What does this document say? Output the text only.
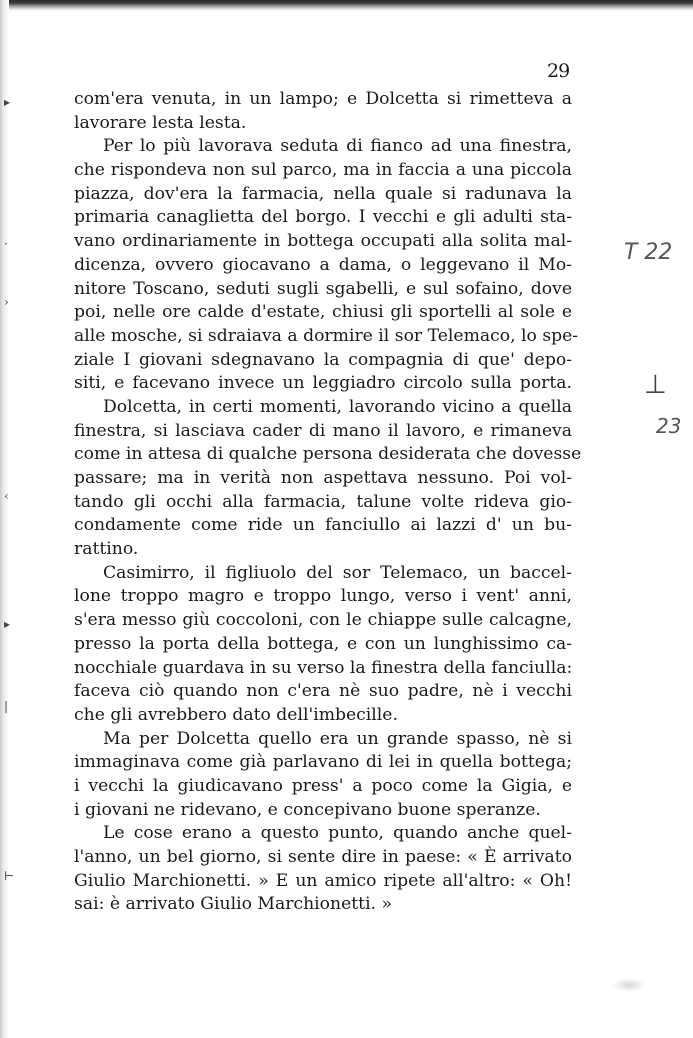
▸
·
›
‹
▸
|
⊢
29
com'era venuta, in un lampo; e Dolcetta si rimetteva a
lavorare lesta lesta.
Per lo più lavorava seduta di fianco ad una finestra,
che rispondeva non sul parco, ma in faccia a una piccola
piazza, dov'era la farmacia, nella quale si radunava la
primaria canaglietta del borgo. I vecchi e gli adulti sta-
vano ordinariamente in bottega occupati alla solita mal-
dicenza, ovvero giocavano a dama, o leggevano il Mo-
nitore Toscano, seduti sugli sgabelli, e sul sofaino, dove
poi, nelle ore calde d'estate, chiusi gli sportelli al sole e
alle mosche, si sdraiava a dormire il sor Telemaco, lo spe-
ziale I giovani sdegnavano la compagnia di que' depo-
siti, e facevano invece un leggiadro circolo sulla porta.
Dolcetta, in certi momenti, lavorando vicino a quella
finestra, si lasciava cader di mano il lavoro, e rimaneva
come in attesa di qualche persona desiderata che dovesse
passare; ma in verità non aspettava nessuno. Poi vol-
tando gli occhi alla farmacia, talune volte rideva gio-
condamente come ride un fanciullo ai lazzi d' un bu-
rattino.
Casimirro, il figliuolo del sor Telemaco, un baccel-
lone troppo magro e troppo lungo, verso i vent' anni,
s'era messo giù coccoloni, con le chiappe sulle calcagne,
presso la porta della bottega, e con un lunghissimo ca-
nocchiale guardava in su verso la finestra della fanciulla:
faceva ciò quando non c'era nè suo padre, nè i vecchi
che gli avrebbero dato dell'imbecille.
Ma per Dolcetta quello era un grande spasso, nè si
immaginava come già parlavano di lei in quella bottega;
i vecchi la giudicavano press' a poco come la Gigia, e
i giovani ne ridevano, e concepivano buone speranze.
Le cose erano a questo punto, quando anche quel-
l'anno, un bel giorno, si sente dire in paese: « È arrivato
Giulio Marchionetti. » E un amico ripete all'altro: « Oh!
sai: è arrivato Giulio Marchionetti. »
T 22
⊥
23
